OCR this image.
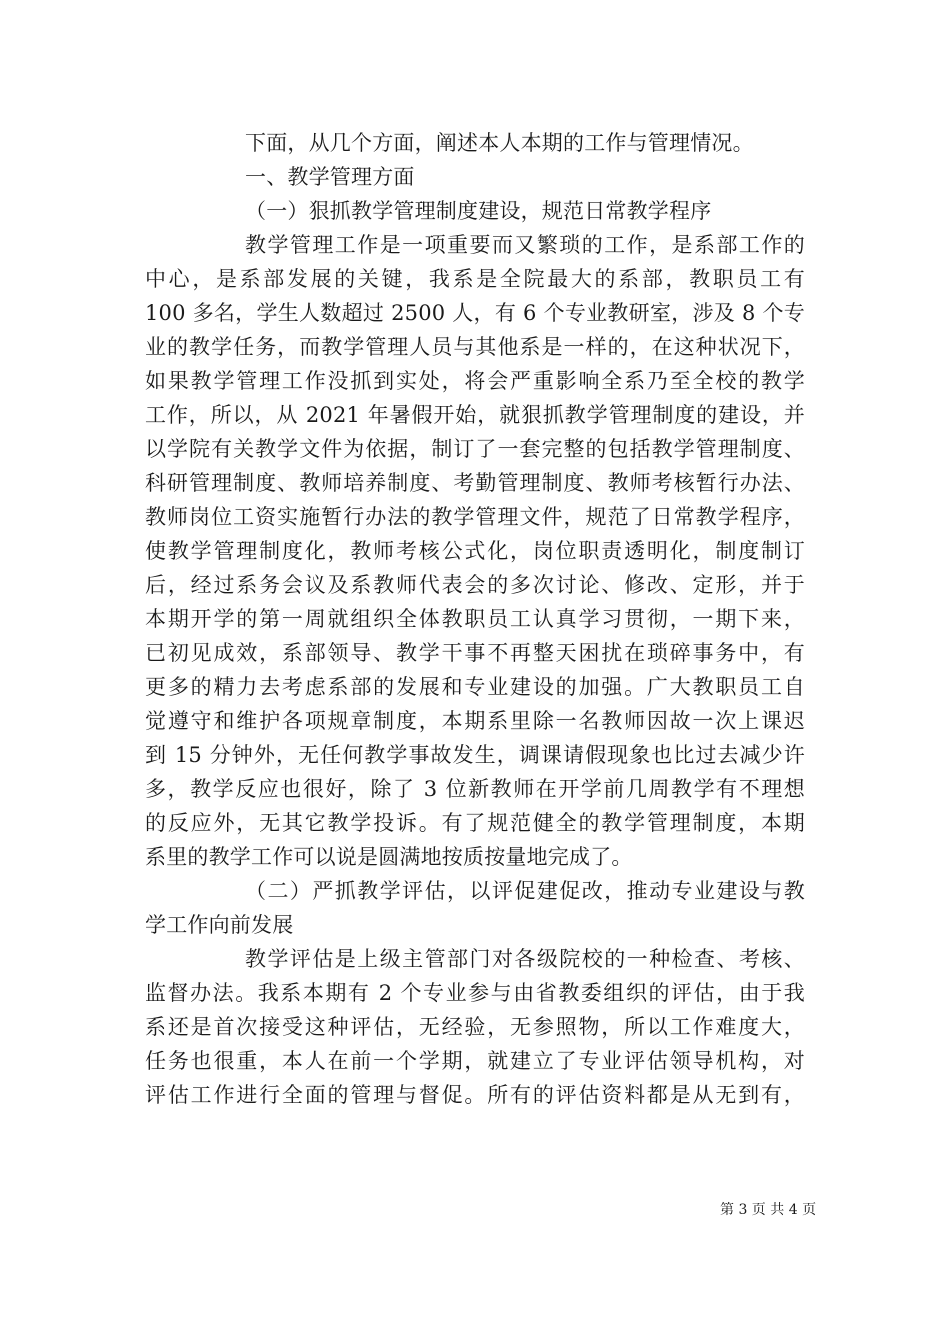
下面，从几个方面，阐述本人本期的工作与管理情况。
一、教学管理方面
（一）狠抓教学管理制度建设，规范日常教学程序
教学管理工作是一项重要而又繁琐的工作，是系部工作的
中心，是系部发展的关键，我系是全院最大的系部，教职员工有
100 多名，学生人数超过 2500 人，有 6 个专业教研室，涉及 8 个专
业的教学任务，而教学管理人员与其他系是一样的，在这种状况下，
如果教学管理工作没抓到实处，将会严重影响全系乃至全校的教学
工作，所以，从 2021 年暑假开始，就狠抓教学管理制度的建设，并
以学院有关教学文件为依据，制订了一套完整的包括教学管理制度、
科研管理制度、教师培养制度、考勤管理制度、教师考核暂行办法、
教师岗位工资实施暂行办法的教学管理文件，规范了日常教学程序，
使教学管理制度化，教师考核公式化，岗位职责透明化，制度制订
后，经过系务会议及系教师代表会的多次讨论、修改、定形，并于
本期开学的第一周就组织全体教职员工认真学习贯彻，一期下来，
已初见成效，系部领导、教学干事不再整天困扰在琐碎事务中，有
更多的精力去考虑系部的发展和专业建设的加强。广大教职员工自
觉遵守和维护各项规章制度，本期系里除一名教师因故一次上课迟
到 15 分钟外，无任何教学事故发生，调课请假现象也比过去减少许
多，教学反应也很好，除了 3 位新教师在开学前几周教学有不理想
的反应外，无其它教学投诉。有了规范健全的教学管理制度，本期
系里的教学工作可以说是圆满地按质按量地完成了。
（二）严抓教学评估，以评促建促改，推动专业建设与教
学工作向前发展
教学评估是上级主管部门对各级院校的一种检查、考核、
监督办法。我系本期有 2 个专业参与由省教委组织的评估，由于我
系还是首次接受这种评估，无经验，无参照物，所以工作难度大，
任务也很重，本人在前一个学期，就建立了专业评估领导机构，对
评估工作进行全面的管理与督促。所有的评估资料都是从无到有，
第 3 页 共 4 页
